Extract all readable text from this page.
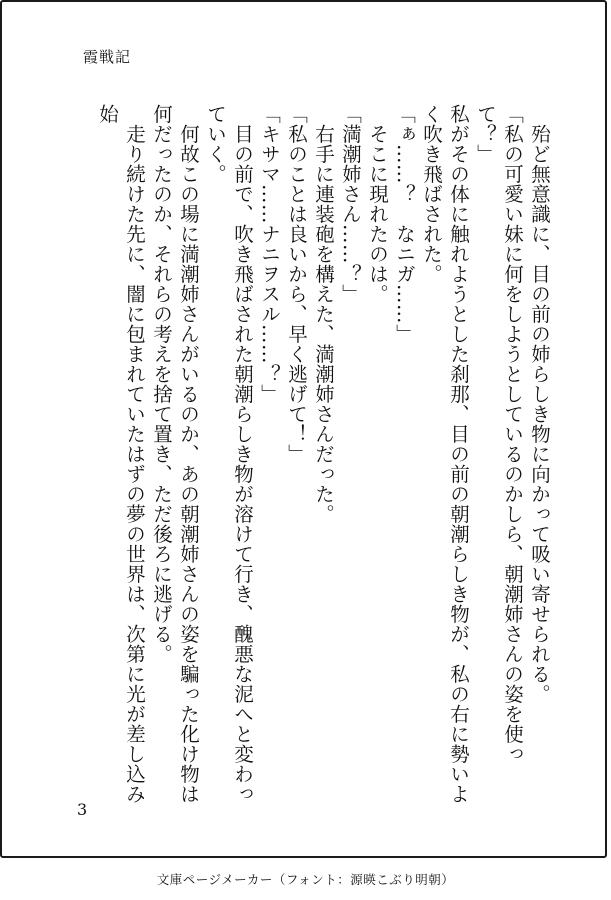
霞戦記

殆ど無意識に、目の前の姉らしき物に向かって吸い寄せられる。

「私の可愛い妹に何をしようとしているのかしら、朝潮姉さんの姿を使って？」

私がその体に触れようとした刹那、目の前の朝潮らしき物が、私の右に勢いよく吹き飛ばされた。

「ぁ……？　なニガ……」

そこに現れたのは。

「満潮姉さん……？」

右手に連装砲を構えた、満潮姉さんだった。

「私のことは良いから、早く逃げて！」

「キサマ……ナニヲスル……？」

目の前で、吹き飛ばされた朝潮らしき物が溶けて行き、醜悪な泥へと変わっていく。

何故この場に満潮姉さんがいるのか、あの朝潮姉さんの姿を騙った化け物は何だったのか、それらの考えを捨て置き、ただ後ろに逃げる。

走り続けた先に、闇に包まれていたはずの夢の世界は、次第に光が差し込み始

3
文庫ページメーカー（フォント：源暎こぶり明朝）
